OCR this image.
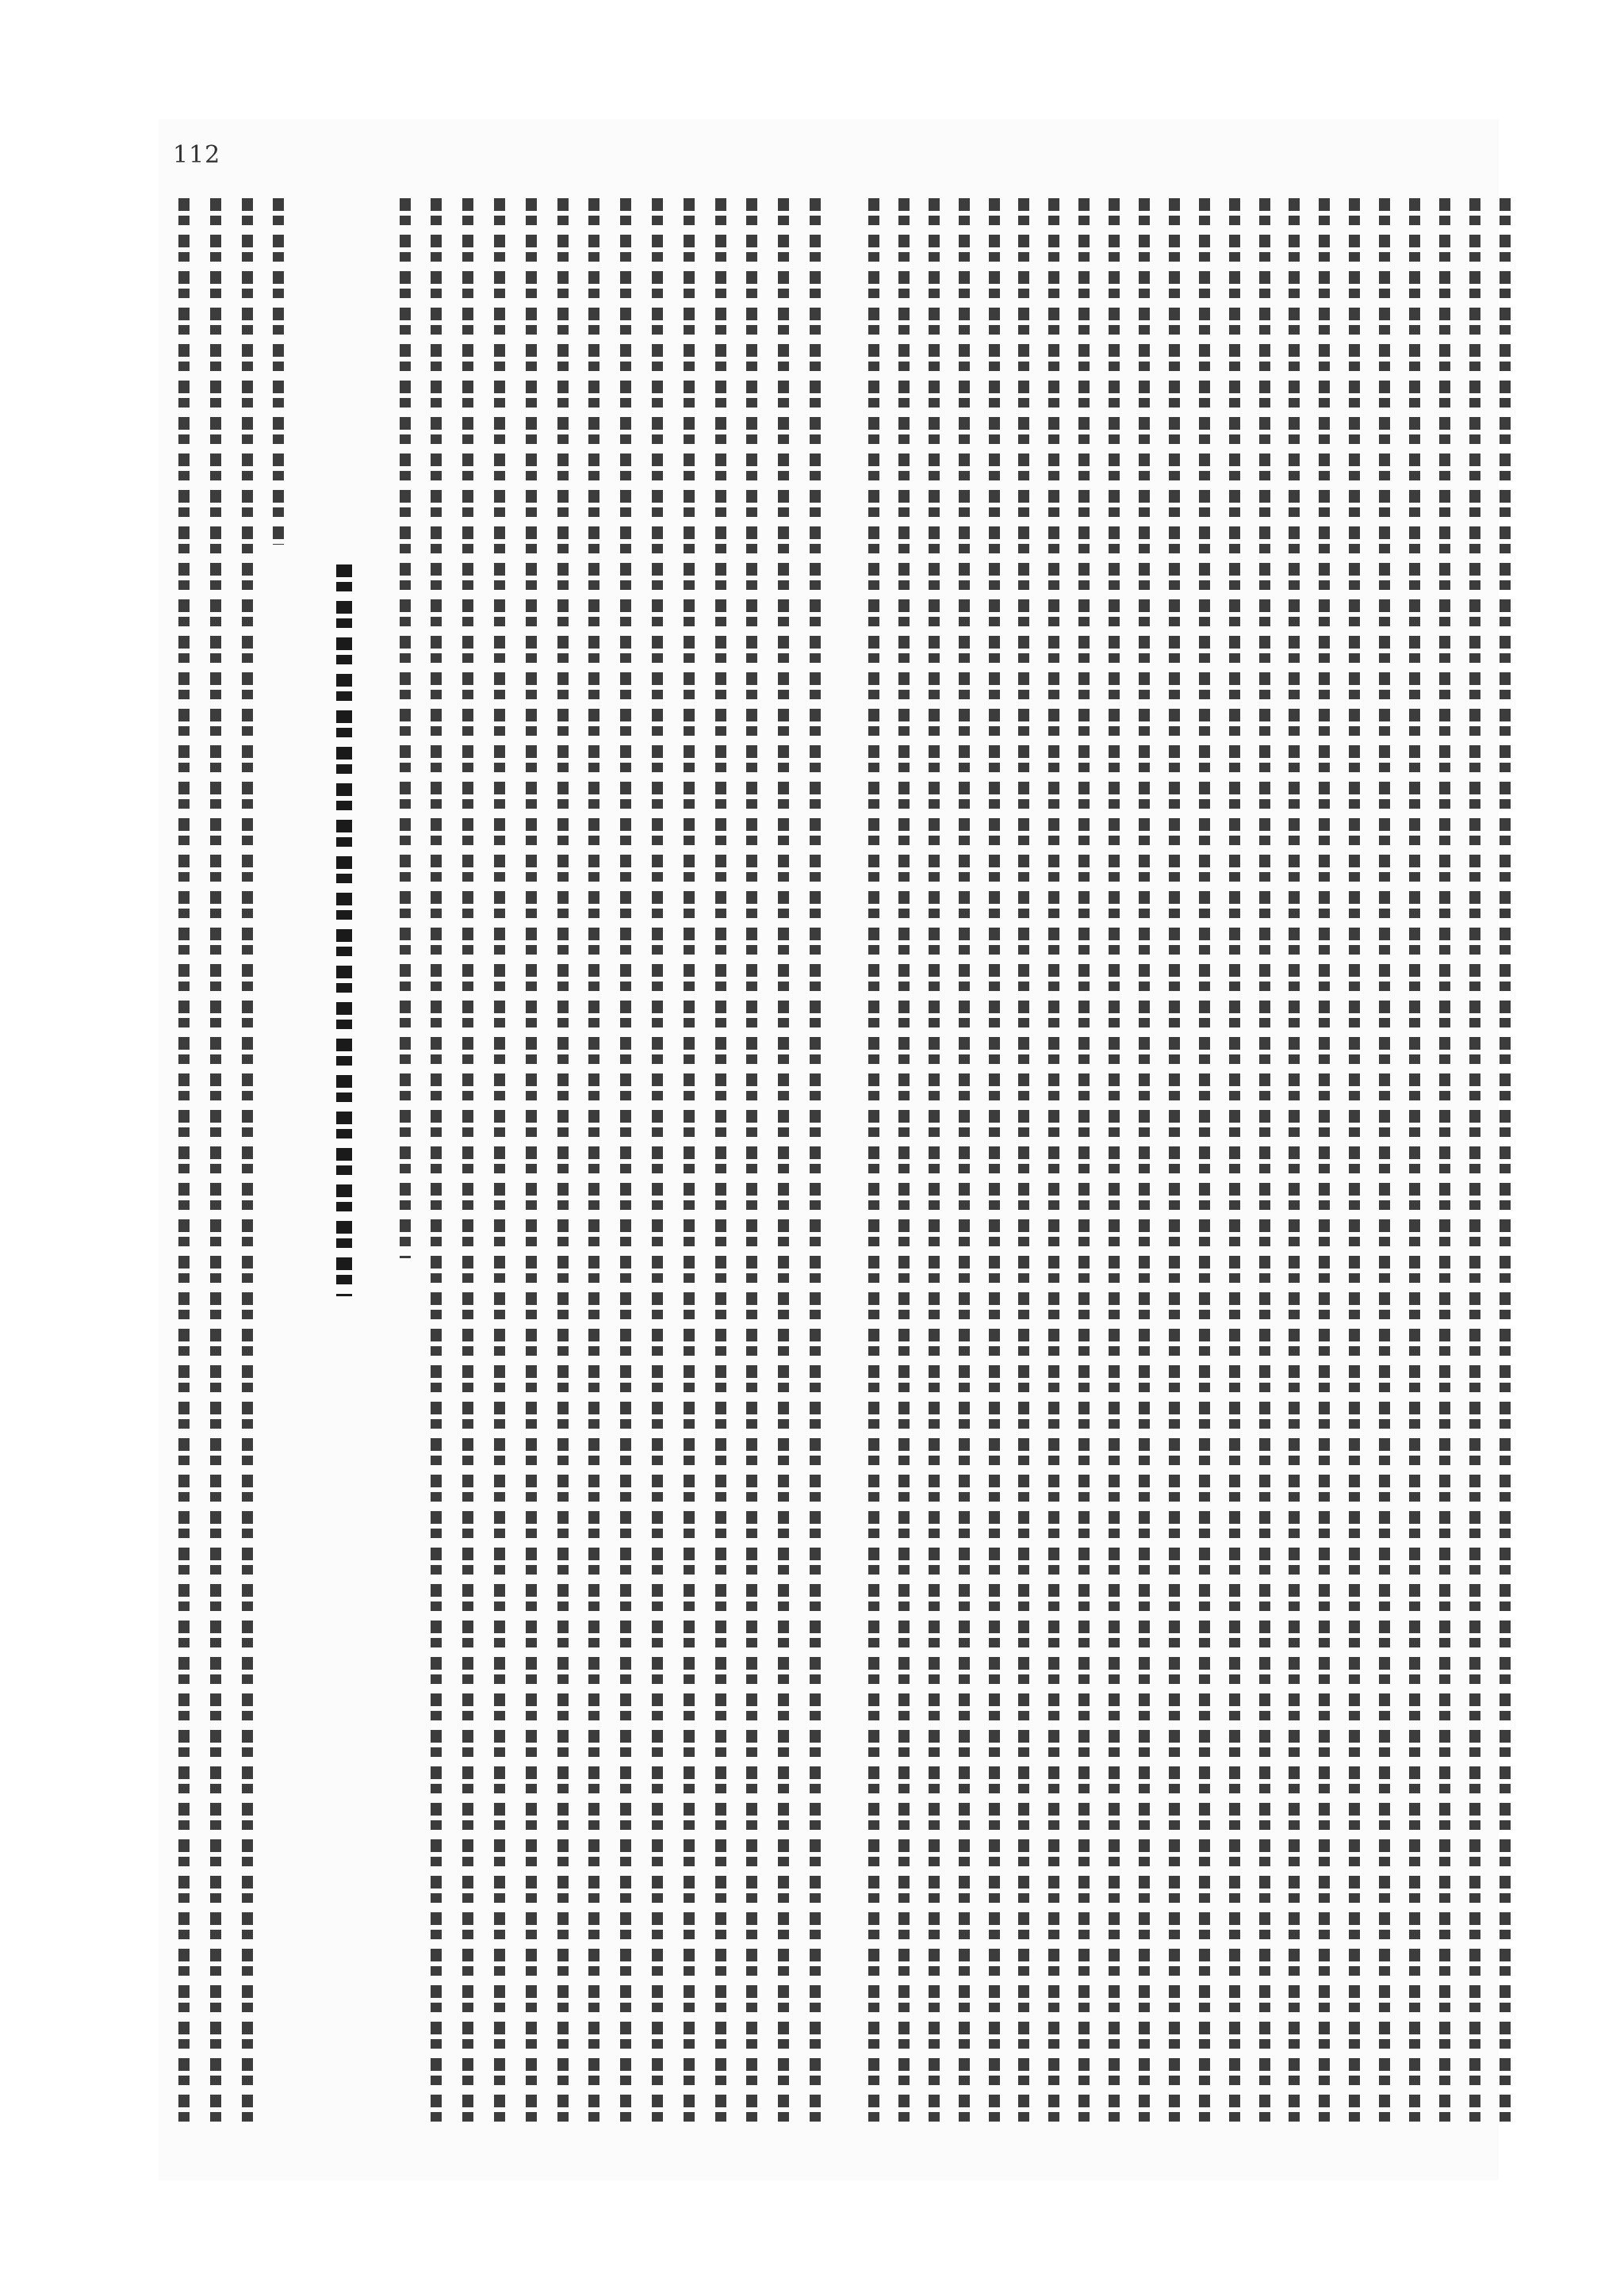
112
